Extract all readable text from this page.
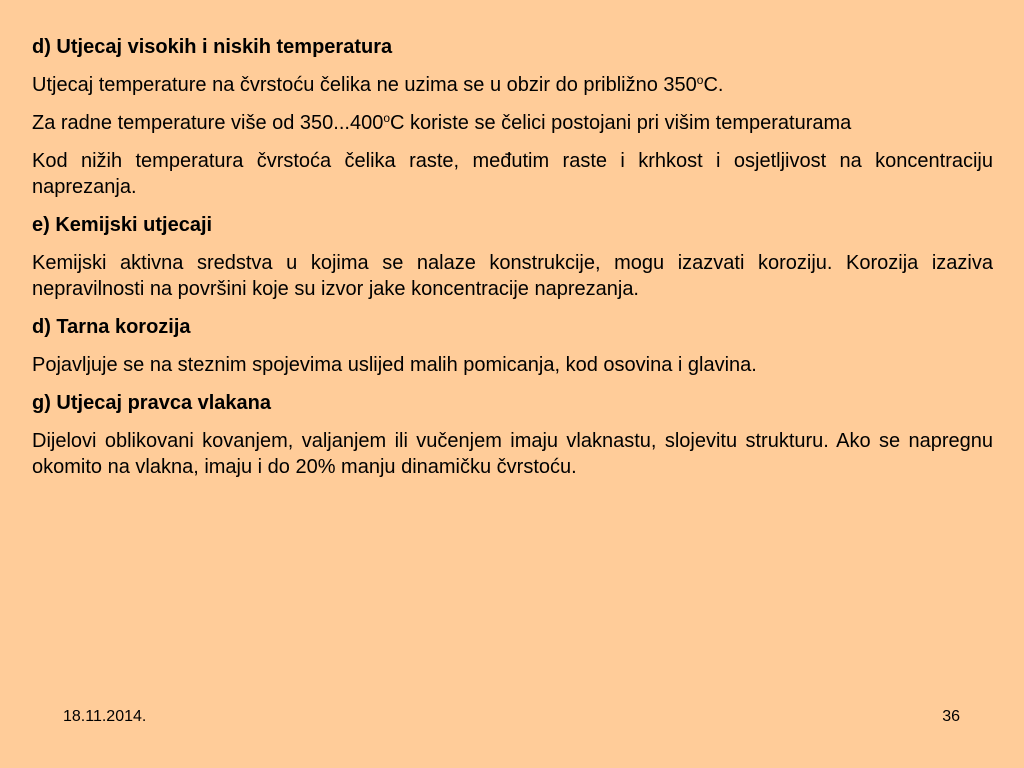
d) Utjecaj visokih i niskih temperatura

Utjecaj temperature na čvrstoću čelika ne uzima se u obzir do približno 350$^o$C.

Za radne temperature više od 350...400$^o$C koriste se čelici postojani pri višim temperaturama

Kod nižih temperatura čvrstoća čelika raste, međutim raste i krhkost i osjetljivost na koncentraciju naprezanja.

e) Kemijski utjecaji

Kemijski aktivna sredstva u kojima se nalaze konstrukcije, mogu izazvati koroziju. Korozija izaziva nepravilnosti na površini koje su izvor jake koncentracije naprezanja.

d) Tarna korozija

Pojavljuje se na steznim spojevima uslijed malih pomicanja, kod osovina i glavina.

g) Utjecaj pravca vlakana

Dijelovi oblikovani kovanjem, valjanjem ili vučenjem imaju vlaknastu, slojevitu strukturu. Ako se napregnu okomito na vlakna, imaju i do 20% manju dinamičku čvrstoću.

18.11.2014.	36
